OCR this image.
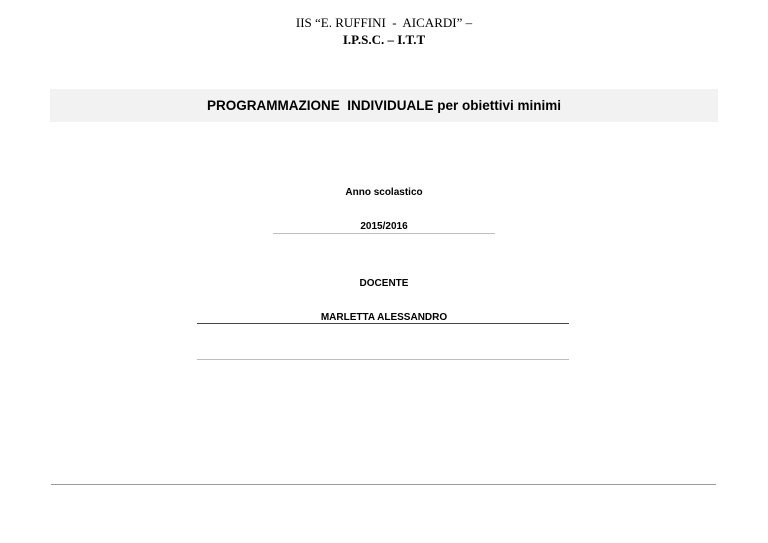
IIS “E. RUFFINI  -  AICARDI” –
I.P.S.C. – I.T.T
PROGRAMMAZIONE  INDIVIDUALE per obiettivi minimi
Anno scolastico
2015/2016
DOCENTE
MARLETTA ALESSANDRO
